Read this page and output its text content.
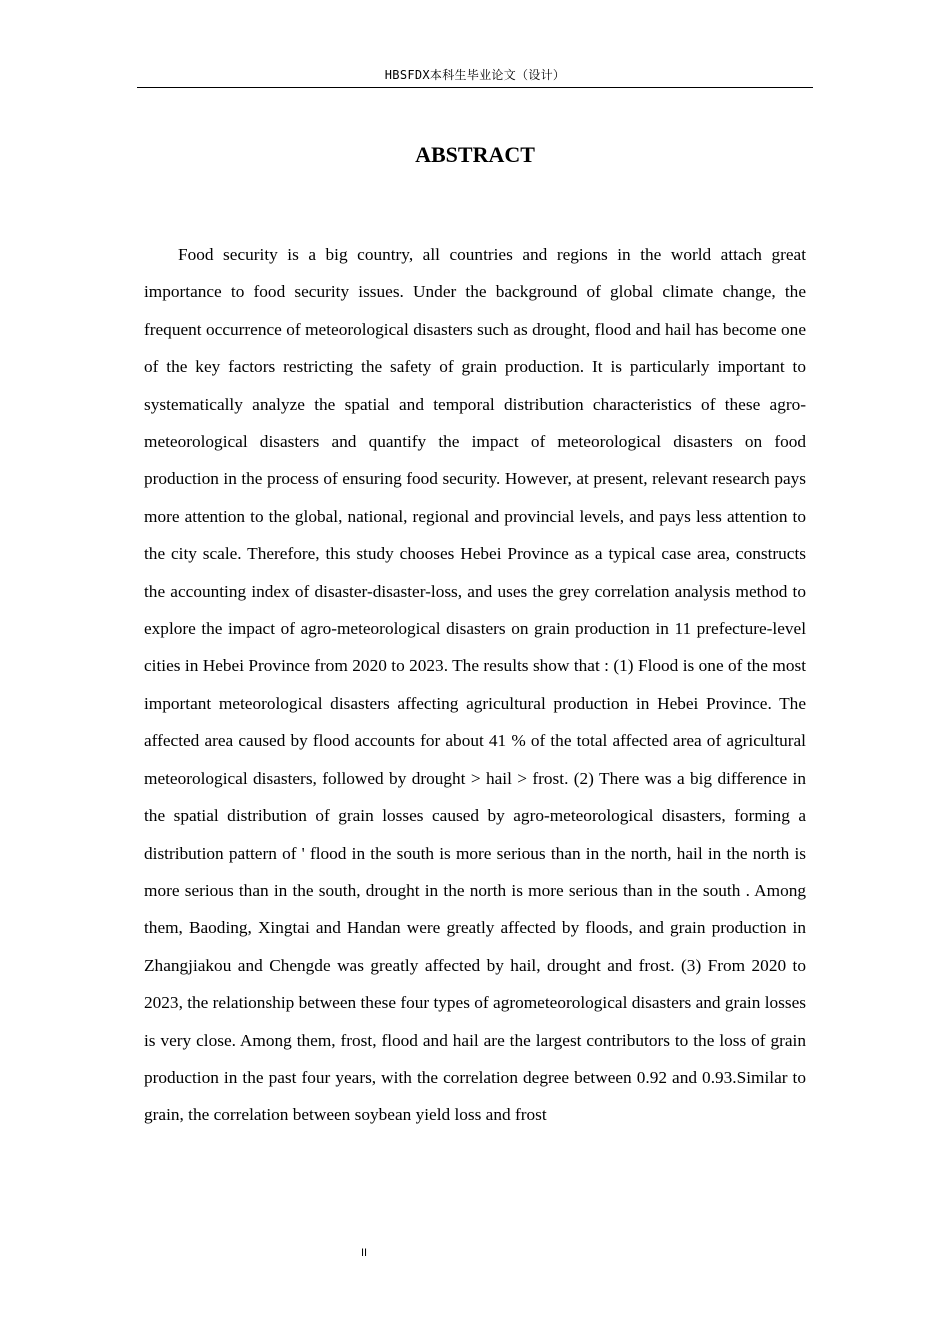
HBSFDX本科生毕业论文（设计）
ABSTRACT

Food security is a big country, all countries and regions in the world attach great importance to food security issues. Under the background of global climate change, the frequent occurrence of meteorological disasters such as drought, flood and hail has become one of the key factors restricting the safety of grain production. It is particularly important to systematically analyze the spatial and temporal distribution characteristics of these agro-meteorological disasters and quantify the impact of meteorological disasters on food production in the process of ensuring food security. However, at present, relevant research pays more attention to the global, national, regional and provincial levels, and pays less attention to the city scale. Therefore, this study chooses Hebei Province as a typical case area, constructs the accounting index of disaster-disaster-loss, and uses the grey correlation analysis method to explore the impact of agro-meteorological disasters on grain production in 11 prefecture-level cities in Hebei Province from 2020 to 2023. The results show that : (1) Flood is one of the most important meteorological disasters affecting agricultural production in Hebei Province. The affected area caused by flood accounts for about 41 % of the total affected area of agricultural meteorological disasters, followed by drought > hail > frost. (2) There was a big difference in the spatial distribution of grain losses caused by agro-meteorological disasters, forming a distribution pattern of ' flood in the south is more serious than in the north, hail in the north is more serious than in the south, drought in the north is more serious than in the south . Among them, Baoding, Xingtai and Handan were greatly affected by floods, and grain production in Zhangjiakou and Chengde was greatly affected by hail, drought and frost. (3) From 2020 to 2023, the relationship between these four types of agrometeorological disasters and grain losses is very close. Among them, frost, flood and hail are the largest contributors to the loss of grain production in the past four years, with the correlation degree between 0.92 and 0.93.Similar to grain, the correlation between soybean yield loss and frost

II
